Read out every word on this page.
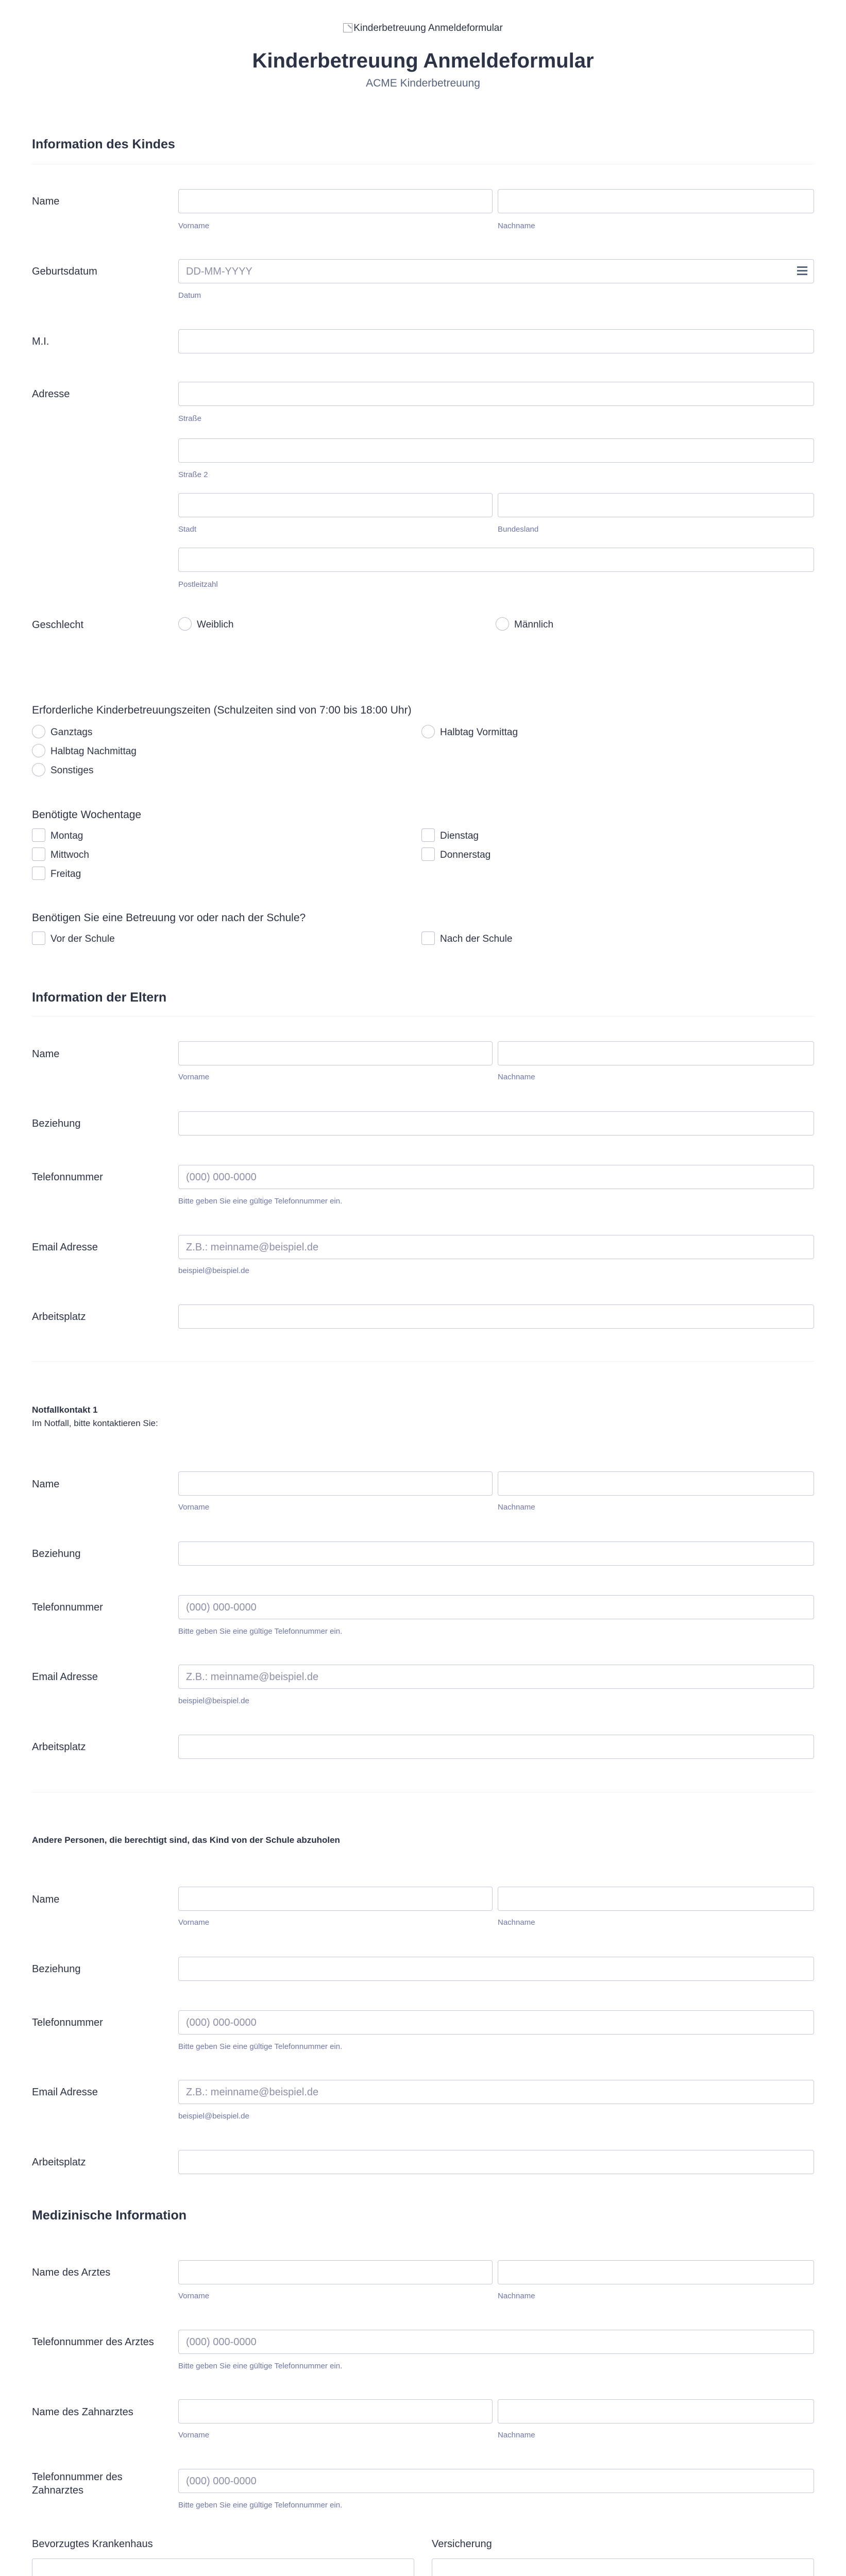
Kinderbetreuung Anmeldeformular
Kinderbetreuung Anmeldeformular
ACME Kinderbetreuung
Information des Kindes
Name
Vorname	Nachname
Geburtsdatum	DD-MM-YYYY
Datum
M.I.
Adresse
Straße
Straße 2
Stadt	Bundesland
Postleitzahl
Geschlecht	Weiblich	Männlich
Erforderliche Kinderbetreuungszeiten (Schulzeiten sind von 7:00 bis 18:00 Uhr)
Ganztags	Halbtag Vormittag
Halbtag Nachmittag
Sonstiges
Benötigte Wochentage
Montag	Dienstag
Mittwoch	Donnerstag
Freitag
Benötigen Sie eine Betreuung vor oder nach der Schule?
Vor der Schule	Nach der Schule
Information der Eltern
Name
Vorname	Nachname
Beziehung
Telefonnummer	(000) 000-0000
Bitte geben Sie eine gültige Telefonnummer ein.
Email Adresse	Z.B.: meinname@beispiel.de
beispiel@beispiel.de
Arbeitsplatz
Notfallkontakt 1
Im Notfall, bitte kontaktieren Sie:
Name
Vorname	Nachname
Beziehung
Telefonnummer	(000) 000-0000
Bitte geben Sie eine gültige Telefonnummer ein.
Email Adresse	Z.B.: meinname@beispiel.de
beispiel@beispiel.de
Arbeitsplatz
Andere Personen, die berechtigt sind, das Kind von der Schule abzuholen
Name
Vorname	Nachname
Beziehung
Telefonnummer	(000) 000-0000
Bitte geben Sie eine gültige Telefonnummer ein.
Email Adresse	Z.B.: meinname@beispiel.de
beispiel@beispiel.de
Arbeitsplatz
Medizinische Information
Name des Arztes
Vorname	Nachname
Telefonnummer des Arztes	(000) 000-0000
Bitte geben Sie eine gültige Telefonnummer ein.
Name des Zahnarztes
Vorname	Nachname
Telefonnummer des
Zahnarztes
(000) 000-0000
Bitte geben Sie eine gültige Telefonnummer ein.
Bevorzugtes Krankenhaus	Versicherung
